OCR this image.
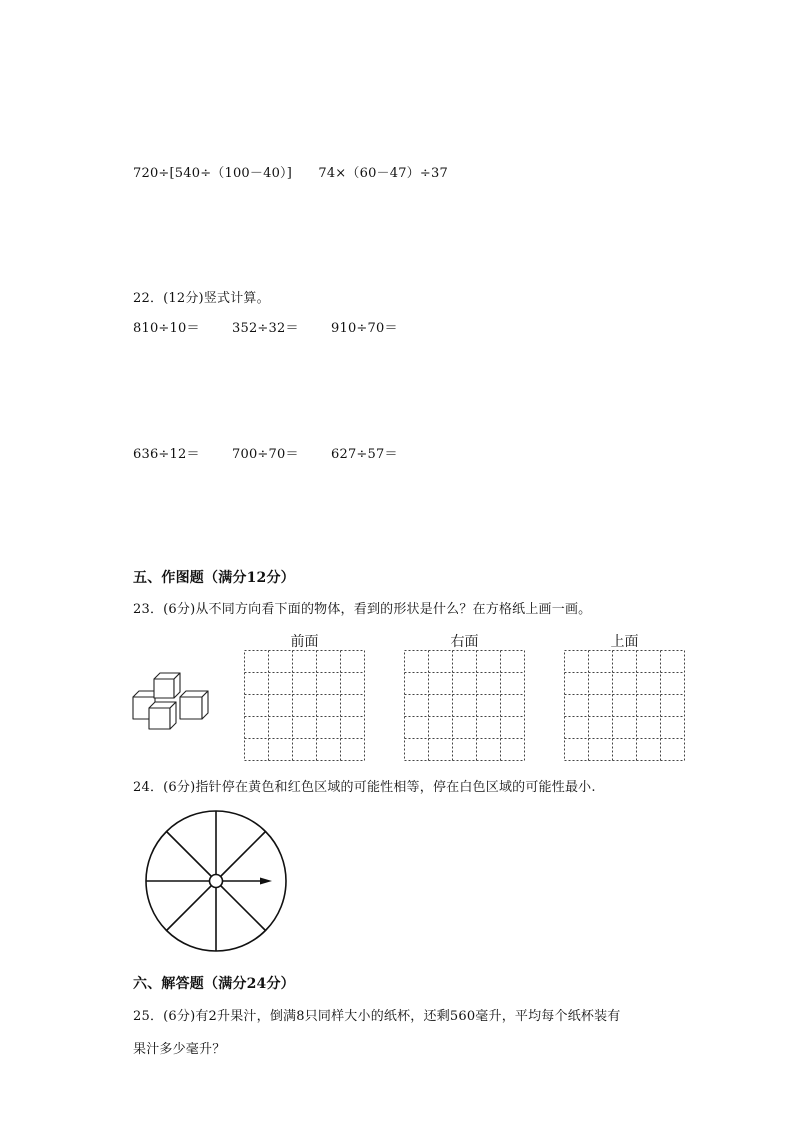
720÷[540÷（100－40）] 74×（60－47）÷37
22．(12分)竖式计算。
810÷10＝ 352÷32＝ 910÷70＝
636÷12＝ 700÷70＝ 627÷57＝
五、作图题（满分12分）
23．(6分)从不同方向看下面的物体，看到的形状是什么？在方格纸上画一画。
前面	右面	上面
24．(6分)指针停在黄色和红色区域的可能性相等，停在白色区域的可能性最小.
六、解答题（满分24分）
25．(6分)有2升果汁，倒满8只同样大小的纸杯，还剩560毫升，平均每个纸杯装有
果汁多少毫升？
